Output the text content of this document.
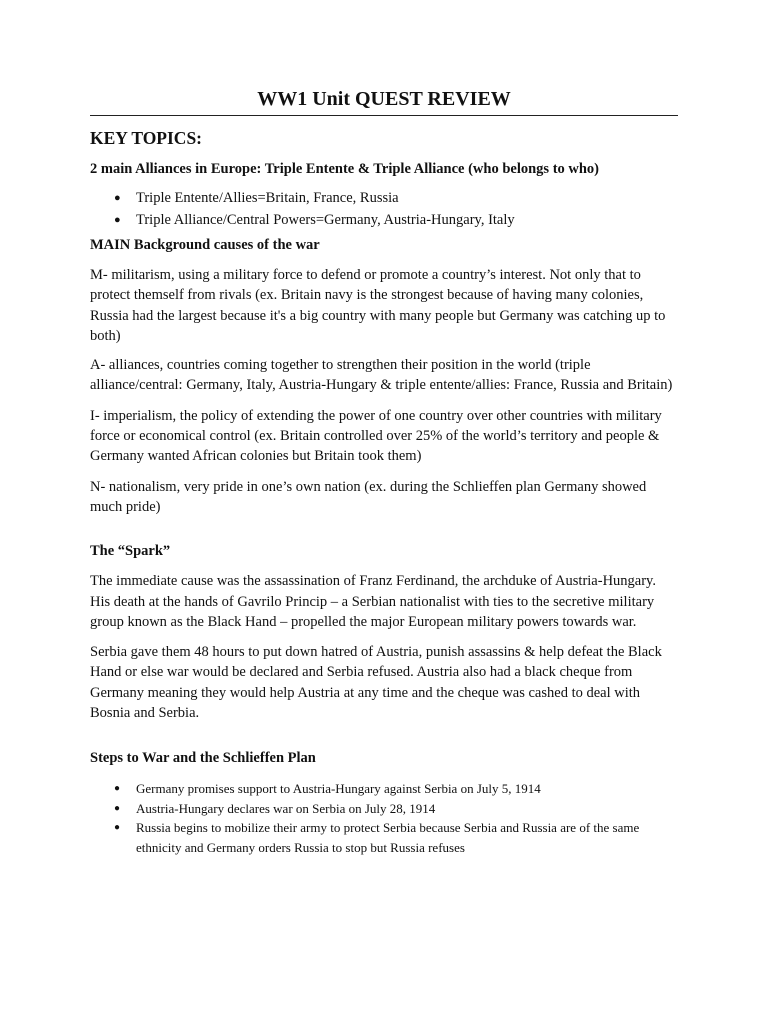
WW1 Unit QUEST REVIEW
KEY TOPICS:
2 main Alliances in Europe: Triple Entente & Triple Alliance (who belongs to who)
● Triple Entente/Allies=Britain, France, Russia
● Triple Alliance/Central Powers=Germany, Austria-Hungary, Italy
MAIN Background causes of the war

M- militarism, using a military force to defend or promote a country’s interest. Not only that to protect themself from rivals (ex. Britain navy is the strongest because of having many colonies, Russia had the largest because it's a big country with many people but Germany was catching up to both)

A- alliances, countries coming together to strengthen their position in the world (triple alliance/central: Germany, Italy, Austria-Hungary & triple entente/allies: France, Russia and Britain)

I- imperialism, the policy of extending the power of one country over other countries with military force or economical control (ex. Britain controlled over 25% of the world’s territory and people & Germany wanted African colonies but Britain took them)

N- nationalism, very pride in one’s own nation (ex. during the Schlieffen plan Germany showed much pride)

The “Spark”

The immediate cause was the assassination of Franz Ferdinand, the archduke of Austria-Hungary. His death at the hands of Gavrilo Princip – a Serbian nationalist with ties to the secretive military group known as the Black Hand – propelled the major European military powers towards war.

Serbia gave them 48 hours to put down hatred of Austria, punish assassins & help defeat the Black Hand or else war would be declared and Serbia refused. Austria also had a black cheque from Germany meaning they would help Austria at any time and the cheque was cashed to deal with Bosnia and Serbia.

Steps to War and the Schlieffen Plan
● Germany promises support to Austria-Hungary against Serbia on July 5, 1914
● Austria-Hungary declares war on Serbia on July 28, 1914
● Russia begins to mobilize their army to protect Serbia because Serbia and Russia are of the same ethnicity and Germany orders Russia to stop but Russia refuses
